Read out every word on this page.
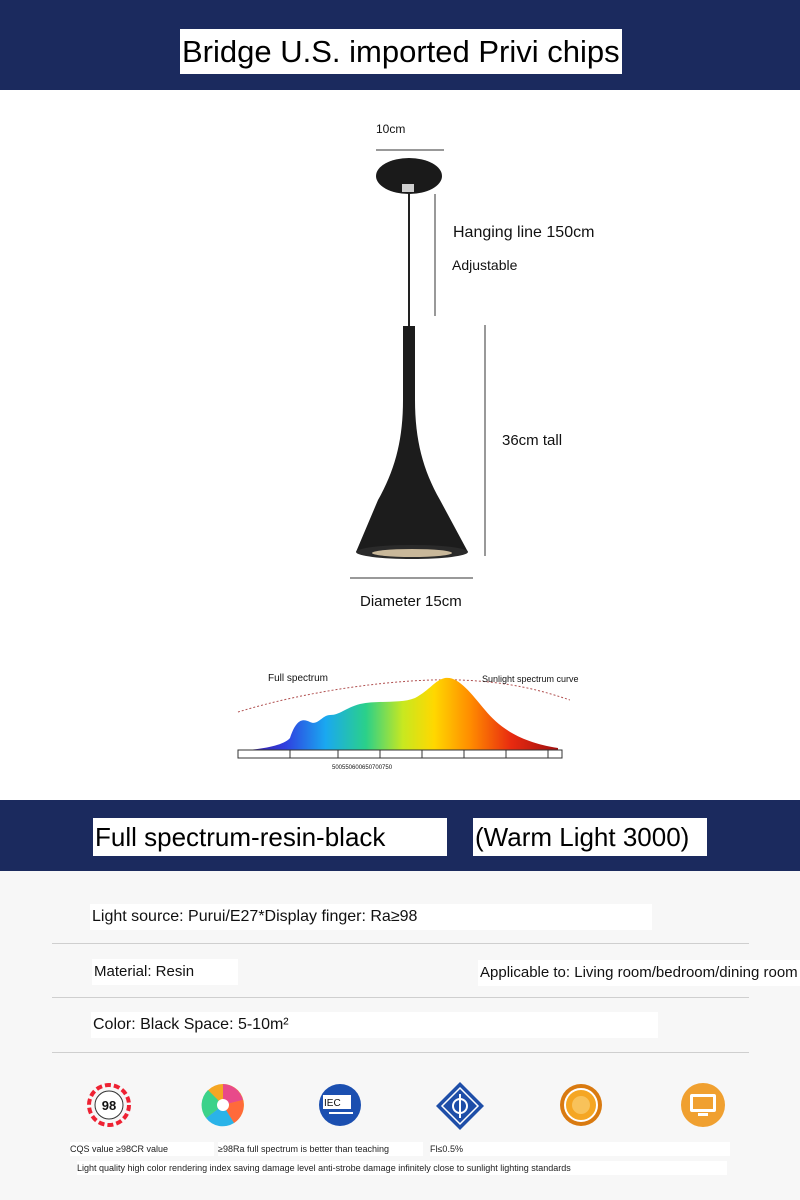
Bridge U.S. imported Privi chips
10cm
Hanging line 150cm
Adjustable
36cm tall
Diameter 15cm
Full spectrum	Sunlight spectrum curve
500550600650700750
Full spectrum-resin-black	(Warm Light 3000)
Light source: Purui/E27*Display finger: Ra≥98
Material: Resin	Applicable to: Living room/bedroom/dining room
Color: Black Space: 5-10m²
98	IEC
CQS value ≥98CR value	≥98Ra full spectrum is better than teaching	Fl≤0.5%
Light quality high color rendering index saving damage level anti-strobe damage infinitely close to sunlight lighting standards
